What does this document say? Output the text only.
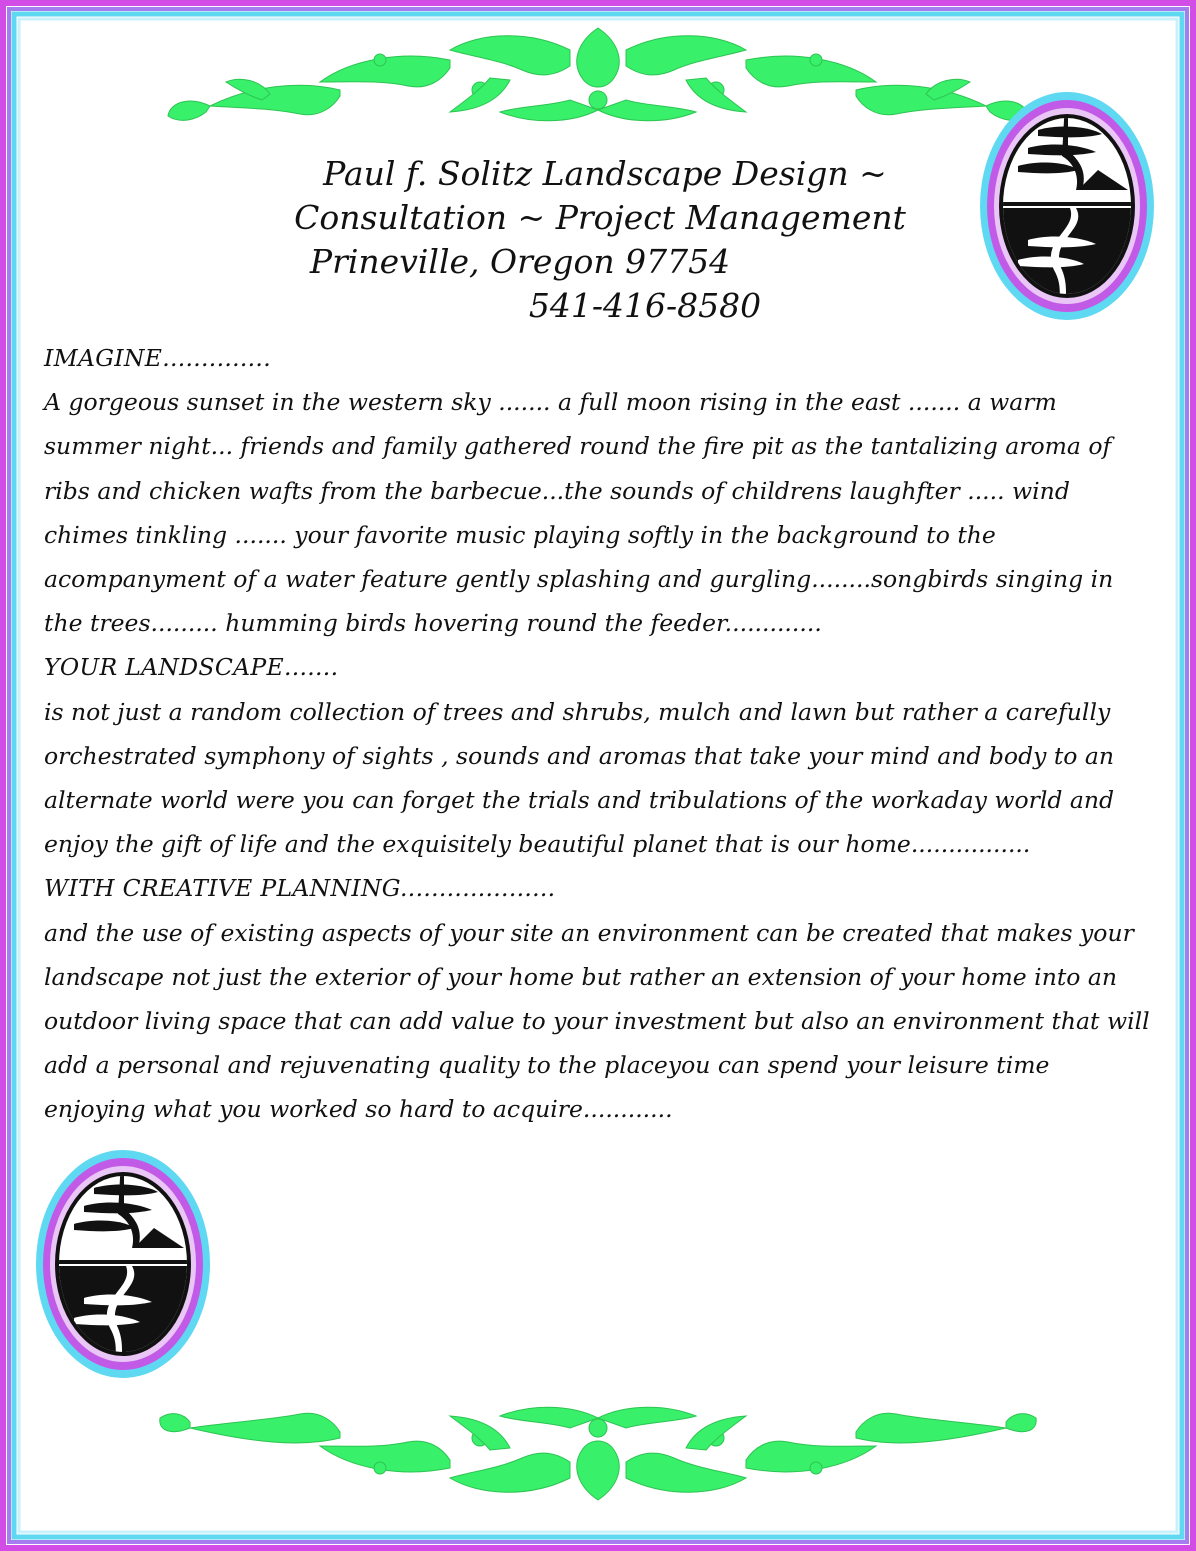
Paul f. Solitz Landscape Design ~
Consultation ~ Project Management
Prineville, Oregon 97754
541-416-8580

IMAGINE..............

A gorgeous sunset in the western sky ....... a full moon rising in the east ....... a warm summer night... friends and family gathered round the fire pit as the tantalizing aroma of ribs and chicken wafts from the barbecue...the sounds of childrens laughfter ..... wind chimes tinkling ....... your favorite music playing softly in the background to the acompanyment of a water feature gently splashing and gurgling........songbirds singing in the trees......... humming birds hovering round the feeder.............

YOUR LANDSCAPE.......

is not just a random collection of trees and shrubs, mulch and lawn but rather a carefully orchestrated symphony of sights , sounds and aromas that take your mind and body to an alternate world were you can forget the trials and tribulations of the workaday world and enjoy the gift of life and the exquisitely beautiful planet that is our home................

WITH CREATIVE PLANNING....................

and the use of existing aspects of your site an environment can be created that makes your landscape not just the exterior of your home but rather an extension of your home into an outdoor living space that can add value to your investment but also an environment that will add a personal and rejuvenating quality to the placeyou can spend your leisure time enjoying what you worked so hard to acquire............
